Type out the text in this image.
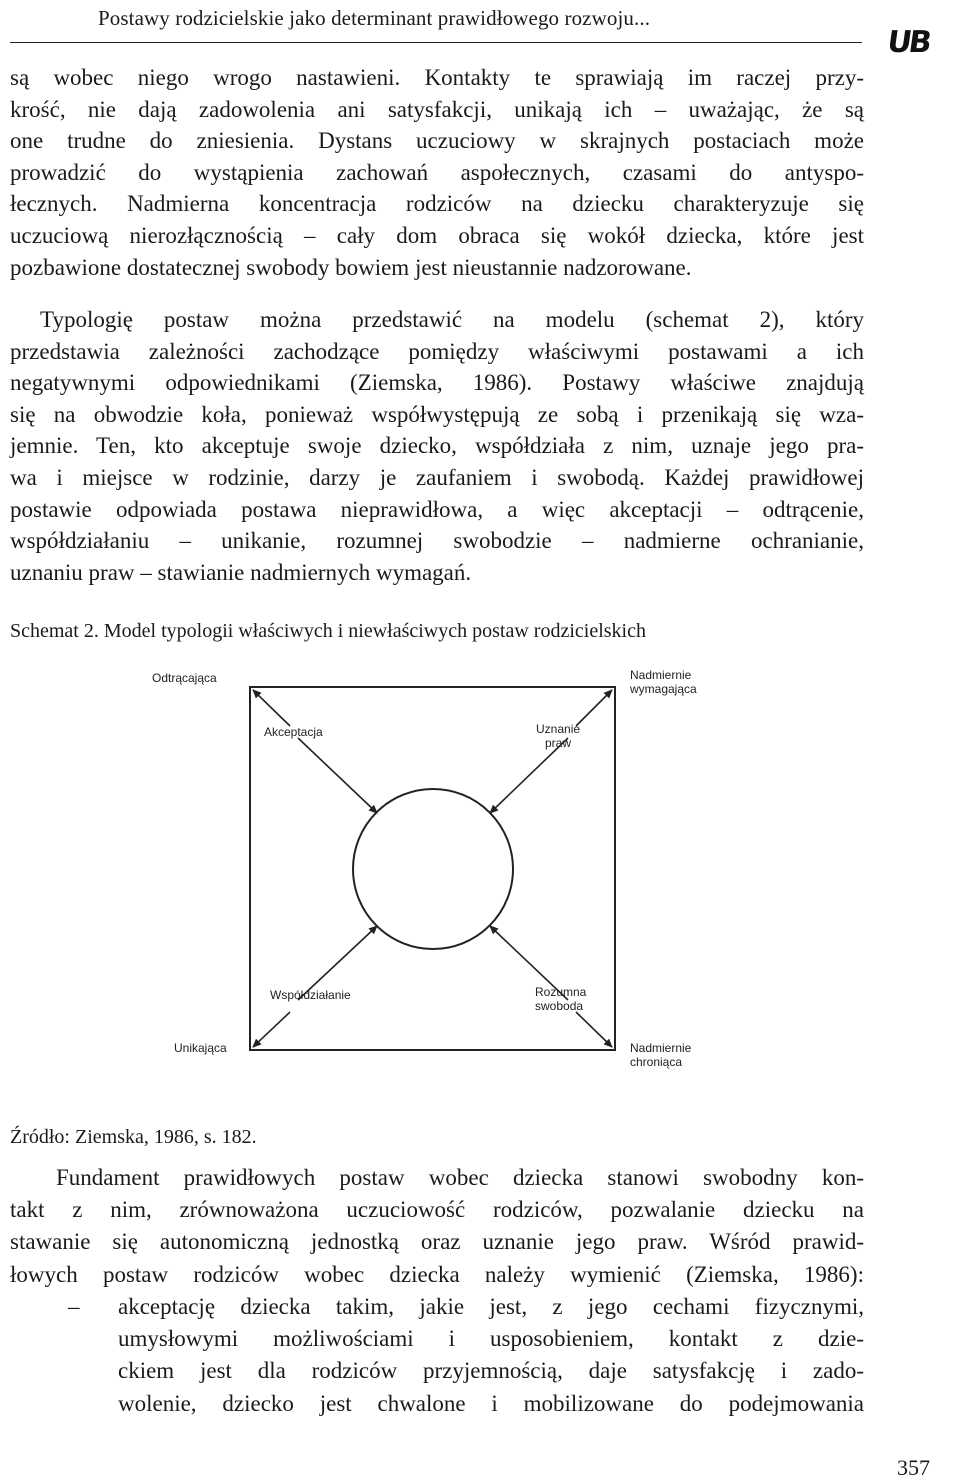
Postawy rodzicielskie jako determinant prawidłowego rozwoju...
UB
są wobec niego wrogo nastawieni. Kontakty te sprawiają im raczej przy-
krość, nie dają zadowolenia ani satysfakcji, unikają ich – uważając, że są
one trudne do zniesienia. Dystans uczuciowy w skrajnych postaciach może
prowadzić do wystąpienia zachowań aspołecznych, czasami do antyspo-
łecznych. Nadmierna koncentracja rodziców na dziecku charakteryzuje się
uczuciową nierozłącznością – cały dom obraca się wokół dziecka, które jest
pozbawione dostatecznej swobody bowiem jest nieustannie nadzorowane.
Typologię postaw można przedstawić na modelu (schemat 2), który
przedstawia zależności zachodzące pomiędzy właściwymi postawami a ich
negatywnymi odpowiednikami (Ziemska, 1986). Postawy właściwe znajdują
się na obwodzie koła, ponieważ współwystępują ze sobą i przenikają się wza-
jemnie. Ten, kto akceptuje swoje dziecko, współdziała z nim, uznaje jego pra-
wa i miejsce w rodzinie, darzy je zaufaniem i swobodą. Każdej prawidłowej
postawie odpowiada postawa nieprawidłowa, a więc akceptacji – odtrącenie,
współdziałaniu – unikanie, rozumnej swobodzie – nadmierne ochranianie,
uznaniu praw – stawianie nadmiernych wymagań.
Schemat 2. Model typologii właściwych i niewłaściwych postaw rodzicielskich
Odtrącająca	Nadmiernie
wymagająca
Unikająca	Nadmiernie
chroniąca
Akceptacja	Uznanie
praw
Współdziałanie	Rozumna
swoboda
Źródło: Ziemska, 1986, s. 182.
Fundament prawidłowych postaw wobec dziecka stanowi swobodny kon-
takt z nim, zrównoważona uczuciowość rodziców, pozwalanie dziecku na
stawanie się autonomiczną jednostką oraz uznanie jego praw. Wśród prawid-
łowych postaw rodziców wobec dziecka należy wymienić (Ziemska, 1986):
– akceptację dziecka takim, jakie jest, z jego cechami fizycznymi,
umysłowymi możliwościami i usposobieniem, kontakt z dzie-
ckiem jest dla rodziców przyjemnością, daje satysfakcję i zado-
wolenie, dziecko jest chwalone i mobilizowane do podejmowania
357
